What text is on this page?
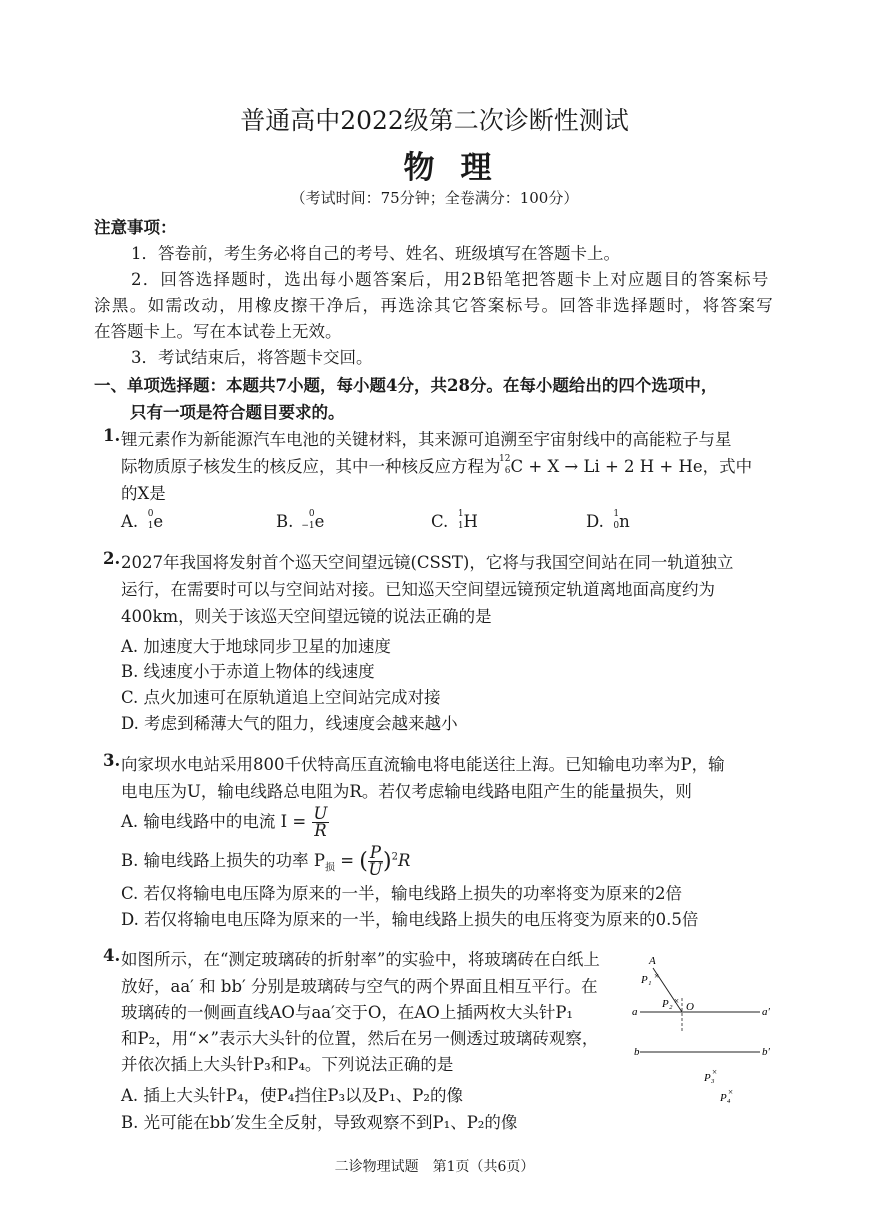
普通高中2022级第二次诊断性测试
物理
（考试时间：75分钟；全卷满分：100分）
注意事项：
1．答卷前，考生务必将自己的考号、姓名、班级填写在答题卡上。
2．回答选择题时，选出每小题答案后，用2B铅笔把答题卡上对应题目的答案标号
涂黑。如需改动，用橡皮擦干净后，再选涂其它答案标号。回答非选择题时，将答案写
在答题卡上。写在本试卷上无效。
3．考试结束后，将答题卡交回。
一、单项选择题：本题共7小题，每小题4分，共28分。在每小题给出的四个选项中，
只有一项是符合题目要求的。
1. 锂元素作为新能源汽车电池的关键材料，其来源可追溯至宇宙射线中的高能粒子与星
际物质原子核发生的核反应，其中一种核反应方程为
12
6 C + X → Li + 2 H + He，式中
的X是
A. 0
1 e	B. 0
−1 e	C. 1
1 H	D. 1
0 n
2. 2027年我国将发射首个巡天空间望远镜(CSST)，它将与我国空间站在同一轨道独立
运行，在需要时可以与空间站对接。已知巡天空间望远镜预定轨道离地面高度约为
400km，则关于该巡天空间望远镜的说法正确的是
A. 加速度大于地球同步卫星的加速度
B. 线速度小于赤道上物体的线速度
C. 点火加速可在原轨道追上空间站完成对接
D. 考虑到稀薄大气的阻力，线速度会越来越小
3. 向家坝水电站采用800千伏特高压直流输电将电能送往上海。已知输电功率为P，输
电电压为U，输电线路总电阻为R。若仅考虑输电线路电阻产生的能量损失，则
A. 输电线路中的电流 $I = \frac{U}{R}$
B. 输电线路上损失的功率 $P_损$ = ( $\frac{P}{U} )^2R$
C. 若仅将输电电压降为原来的一半，输电线路上损失的功率将变为原来的2倍
D. 若仅将输电电压降为原来的一半，输电线路上损失的电压将变为原来的0.5倍
4. 如图所示，在“测定玻璃砖的折射率”的实验中，将玻璃砖在白纸上
放好，aa′ 和 bb′ 分别是玻璃砖与空气的两个界面且相互平行。在
玻璃砖的一侧画直线AO与aa′交于O，在AO上插两枚大头针P₁
和P₂，用“×”表示大头针的位置，然后在另一侧透过玻璃砖观察，
并依次插上大头针P₃和P₄。下列说法正确的是
A. 插上大头针P₄，使P₄挡住P₃以及P₁、P₂的像
B. 光可能在bb′发生全反射，导致观察不到P₁、P₂的像
A
O
a	a′
b	b′
P₁
P₂
P₃
P₄
×
×
×
×
二诊物理试题　第1页（共6页）
